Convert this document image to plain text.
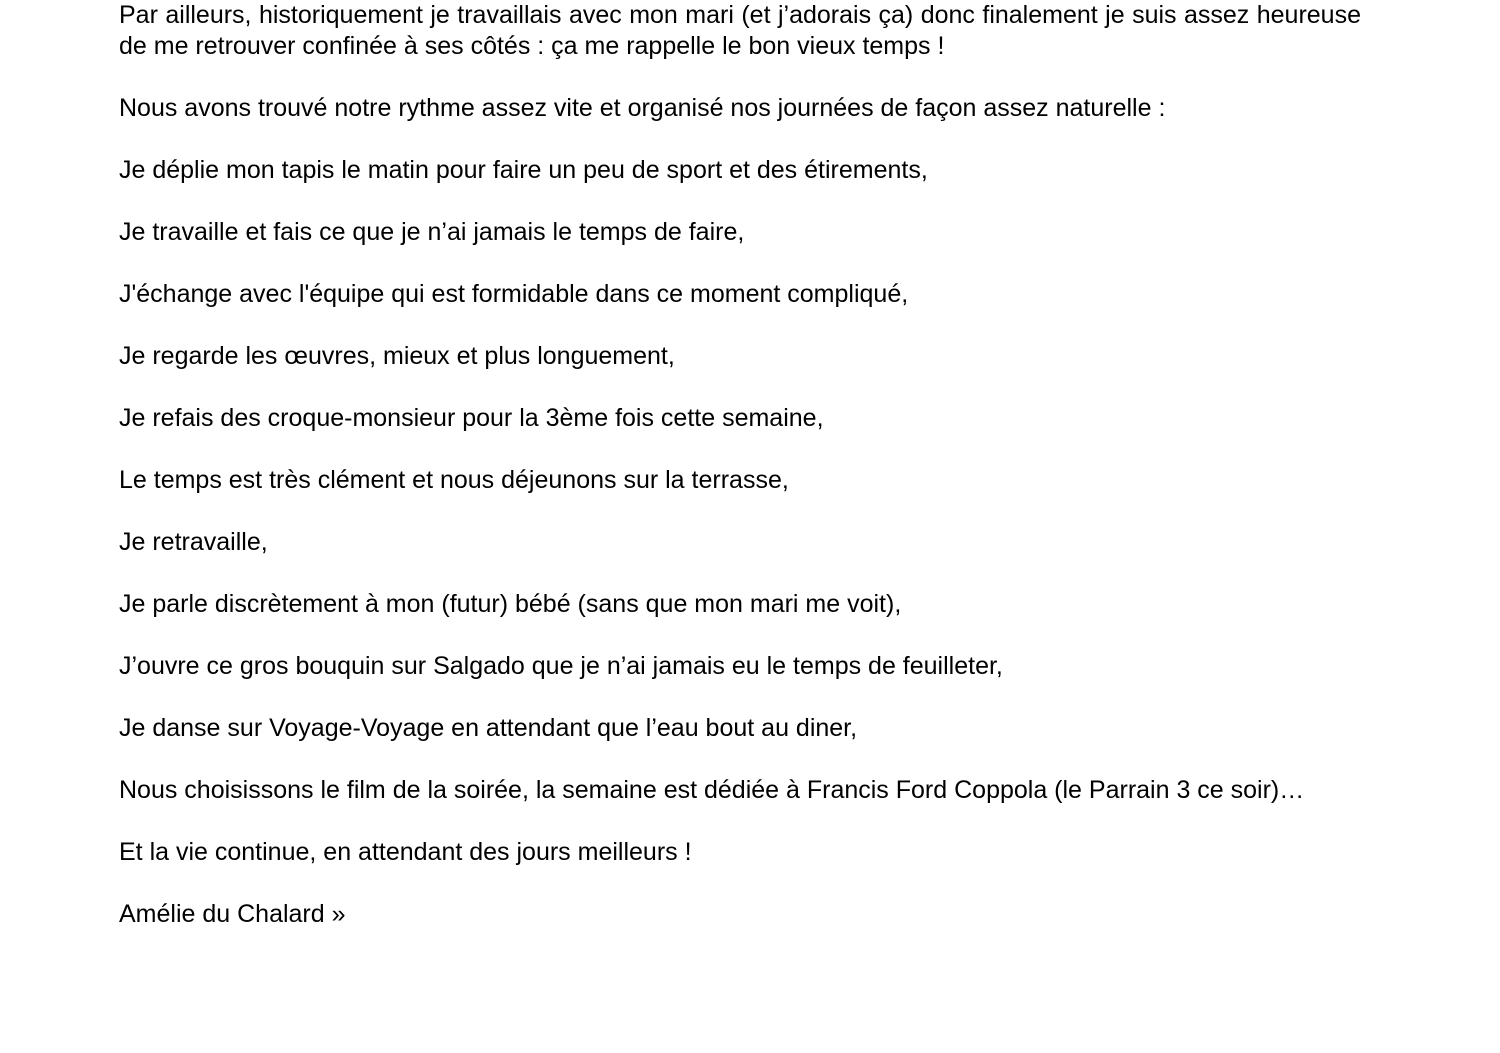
Par ailleurs, historiquement je travaillais avec mon mari (et j’adorais ça) donc finalement je suis assez heureuse de me retrouver confinée à ses côtés : ça me rappelle le bon vieux temps !

Nous avons trouvé notre rythme assez vite et organisé nos journées de façon assez naturelle :

Je déplie mon tapis le matin pour faire un peu de sport et des étirements,

Je travaille et fais ce que je n’ai jamais le temps de faire,

J'échange avec l'équipe qui est formidable dans ce moment compliqué,

Je regarde les œuvres, mieux et plus longuement,

Je refais des croque-monsieur pour la 3ème fois cette semaine,

Le temps est très clément et nous déjeunons sur la terrasse,

Je retravaille,

Je parle discrètement à mon (futur) bébé (sans que mon mari me voit),

J’ouvre ce gros bouquin sur Salgado que je n’ai jamais eu le temps de feuilleter,

Je danse sur Voyage-Voyage en attendant que l’eau bout au diner,

Nous choisissons le film de la soirée, la semaine est dédiée à Francis Ford Coppola (le Parrain 3 ce soir)…

Et la vie continue, en attendant des jours meilleurs !

Amélie du Chalard »
